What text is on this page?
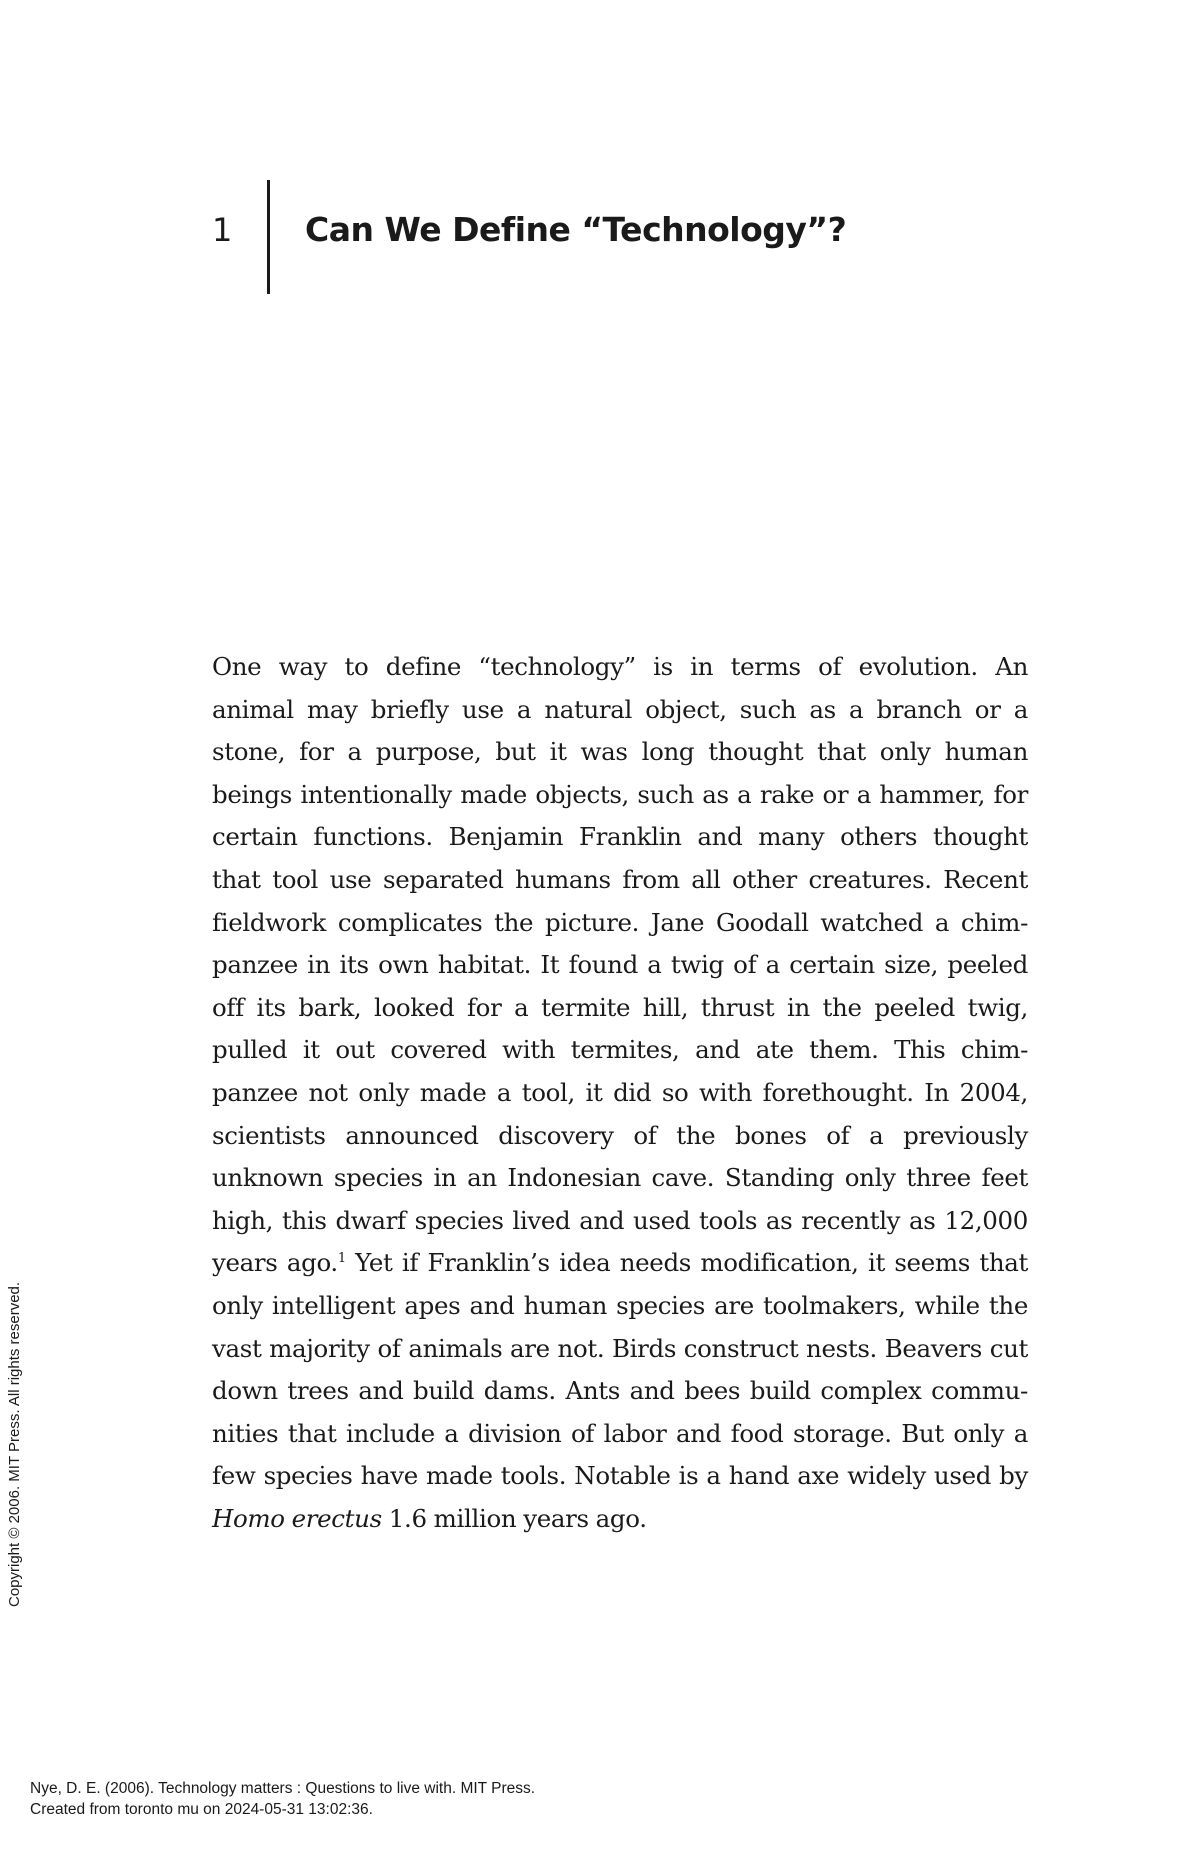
1 Can We Define “Technology”?

One way to define “technology” is in terms of evolution. An
animal may briefly use a natural object, such as a branch or a
stone, for a purpose, but it was long thought that only human
beings intentionally made objects, such as a rake or a hammer, for
certain functions. Benjamin Franklin and many others thought
that tool use separated humans from all other creatures. Recent
fieldwork complicates the picture. Jane Goodall watched a chim-
panzee in its own habitat. It found a twig of a certain size, peeled
off its bark, looked for a termite hill, thrust in the peeled twig,
pulled it out covered with termites, and ate them. This chim-
panzee not only made a tool, it did so with forethought. In 2004,
scientists announced discovery of the bones of a previously
unknown species in an Indonesian cave. Standing only three feet
high, this dwarf species lived and used tools as recently as 12,000
years ago.$^1$ Yet if Franklin’s idea needs modification, it seems that
only intelligent apes and human species are toolmakers, while the
vast majority of animals are not. Birds construct nests. Beavers cut
down trees and build dams. Ants and bees build complex commu-
nities that include a division of labor and food storage. But only a
few species have made tools. Notable is a hand axe widely used by
Homo erectus 1.6 million years ago.

Copyright © 2006. MIT Press. All rights reserved.
Nye, D. E. (2006). Technology matters : Questions to live with. MIT Press.
Created from toronto mu on 2024-05-31 13:02:36.
